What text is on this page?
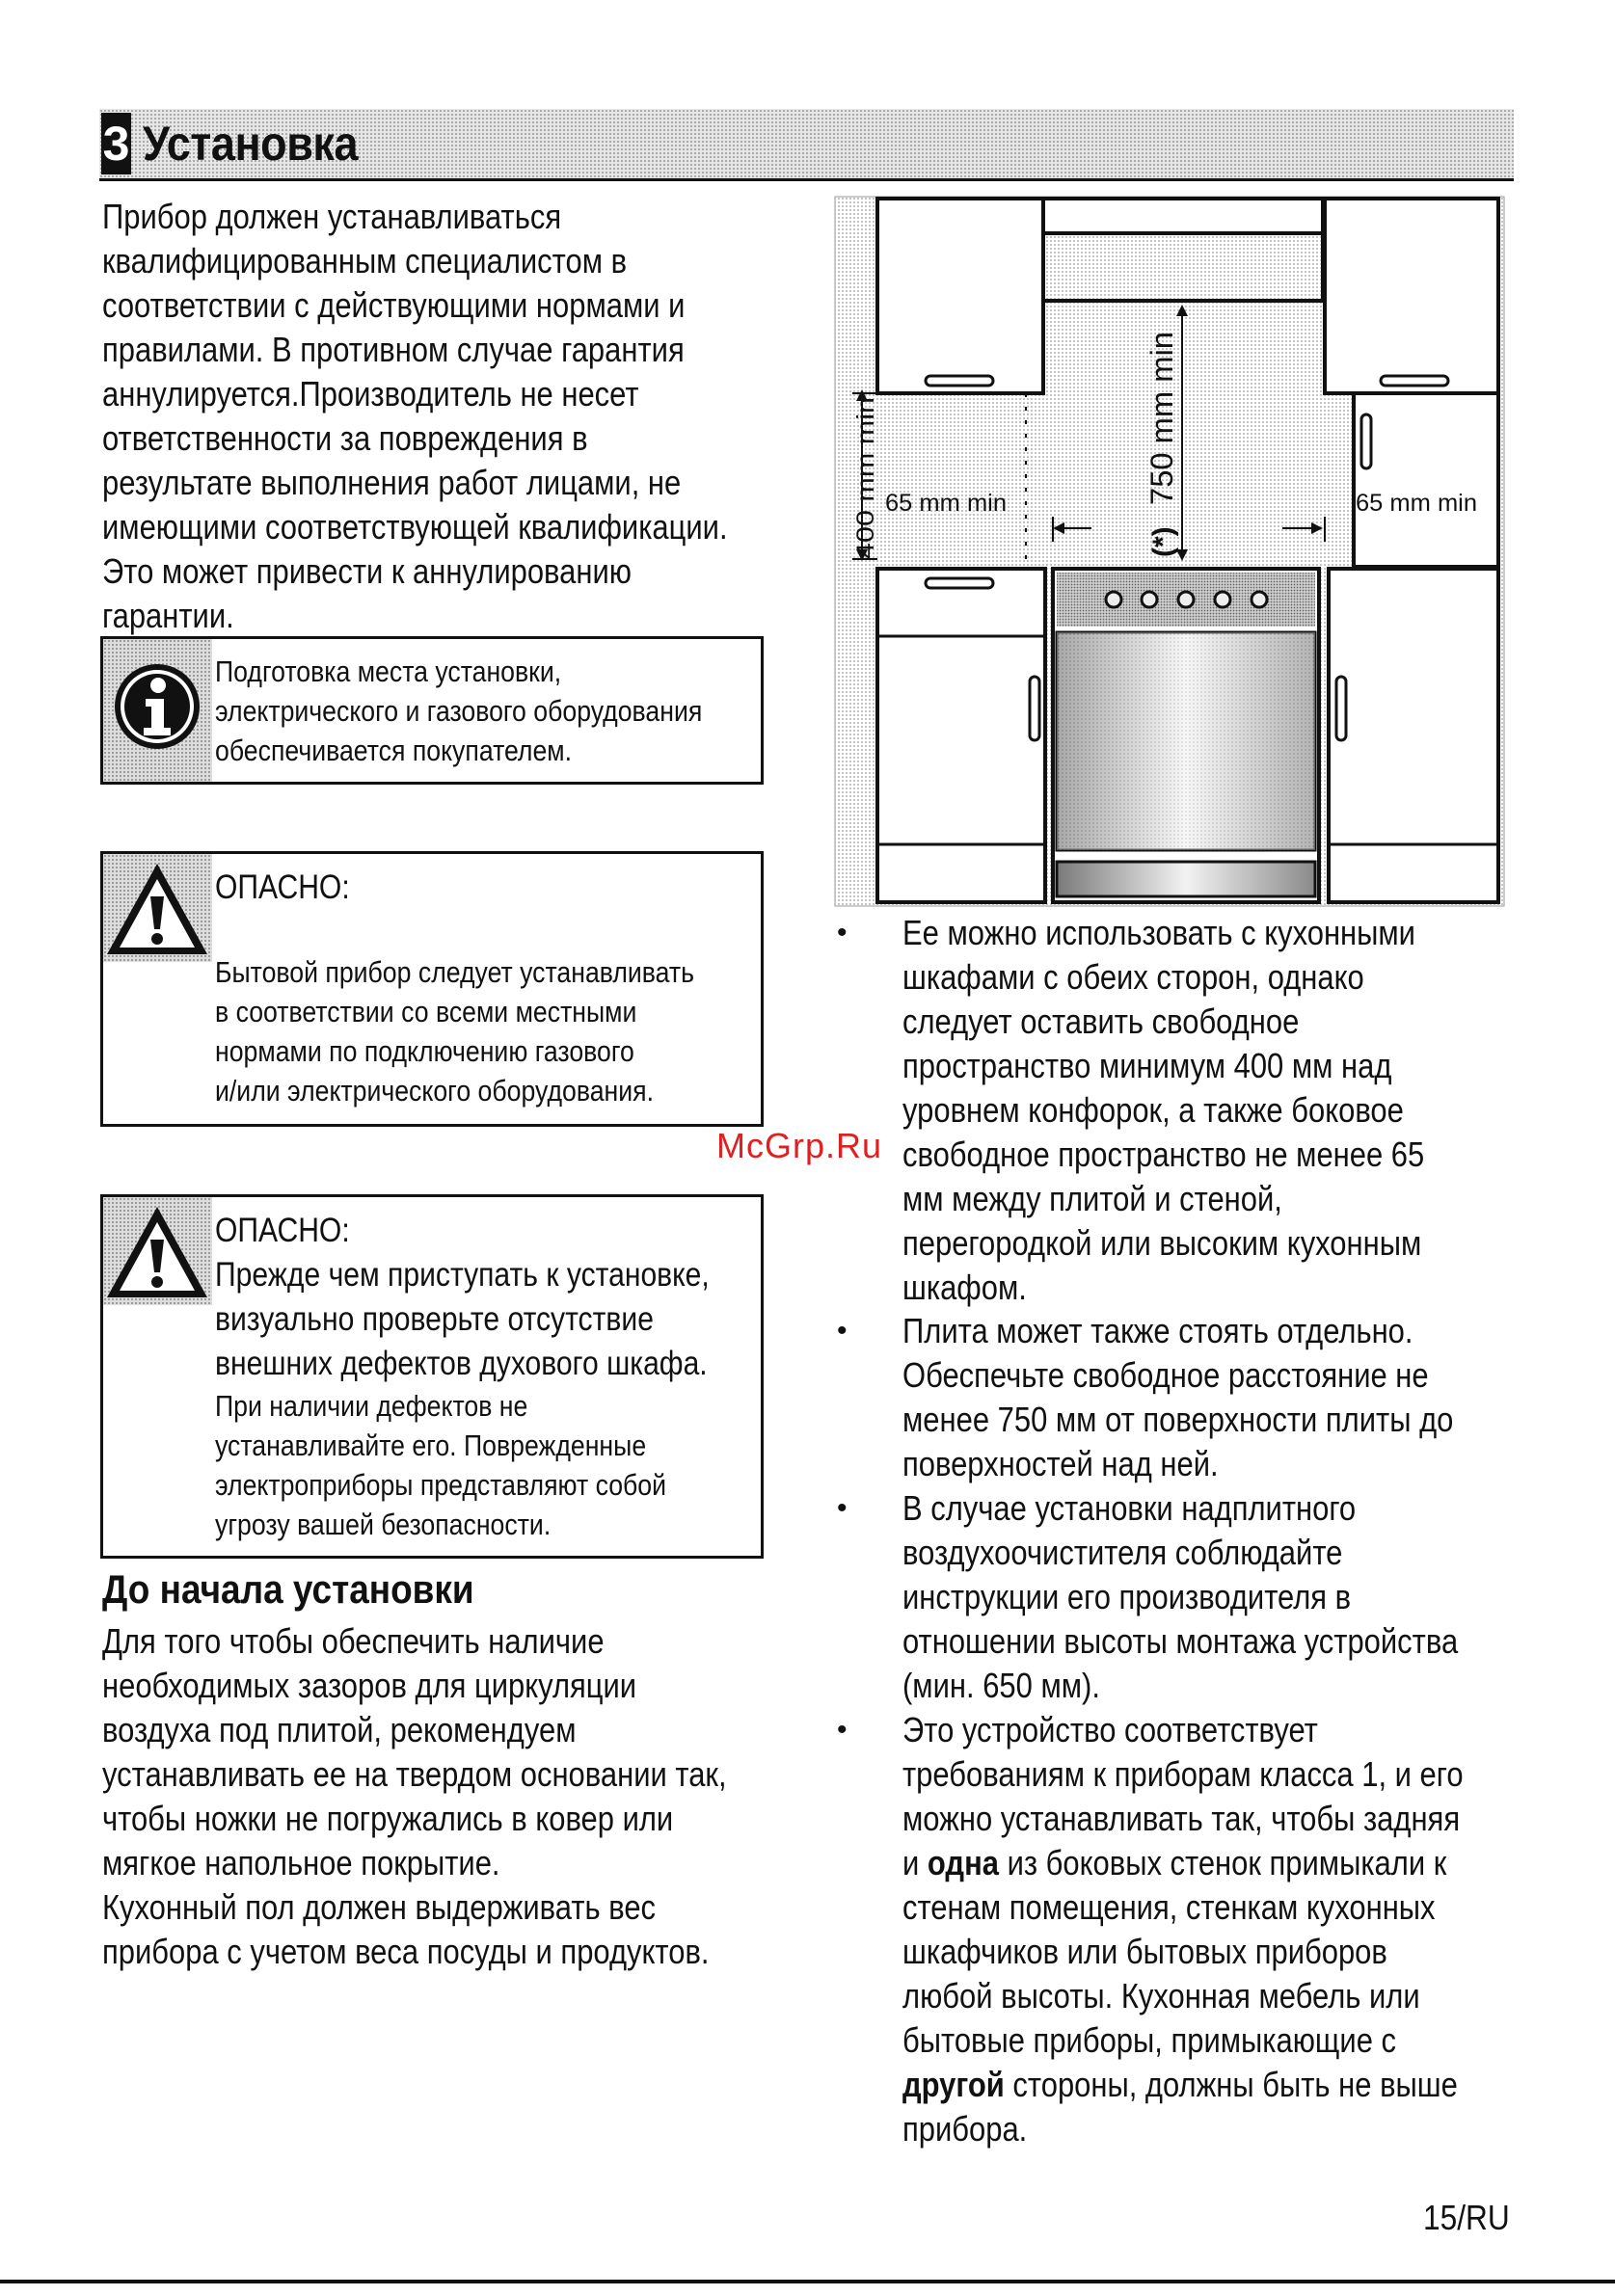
3 Установка
Прибор должен устанавливаться
квалифицированным специалистом в
соответствии с действующими нормами и
правилами. В противном случае гарантия
аннулируется.Производитель не несет
ответственности за повреждения в
результате выполнения работ лицами, не
имеющими соответствующей квалификации.
Это может привести к аннулированию
гарантии.
Подготовка места установки,
электрического и газового оборудования
обеспечивается покупателем.
ОПАСНО:
Бытовой прибор следует устанавливать
в соответствии со всеми местными
нормами по подключению газового
и/или электрического оборудования.
ОПАСНО:
Прежде чем приступать к установке,
визуально проверьте отсутствие
внешних дефектов духового шкафа.
При наличии дефектов не
устанавливайте его. Поврежденные
электроприборы представляют собой
угрозу вашей безопасности.
До начала установки
Для того чтобы обеспечить наличие
необходимых зазоров для циркуляции
воздуха под плитой, рекомендуем
устанавливать ее на твердом основании так,
чтобы ножки не погружались в ковер или
мягкое напольное покрытие.
Кухонный пол должен выдерживать вес
прибора с учетом веса посуды и продуктов.
400 mm min 65 mm min	750 mm min
(*)
65 mm min
McGrp.Ru
• Ее можно использовать с кухонными
шкафами с обеих сторон, однако
следует оставить свободное
пространство минимум 400 мм над
уровнем конфорок, а также боковое
свободное пространство не менее 65
мм между плитой и стеной,
перегородкой или высоким кухонным
шкафом.
• Плита может также стоять отдельно.
Обеспечьте свободное расстояние не
менее 750 мм от поверхности плиты до
поверхностей над ней.
• В случае установки надплитного
воздухоочистителя соблюдайте
инструкции его производителя в
отношении высоты монтажа устройства
(мин. 650 мм).
• Это устройство соответствует
требованиям к приборам класса 1, и его
можно устанавливать так, чтобы задняя
и одна из боковых стенок примыкали к
стенам помещения, стенкам кухонных
шкафчиков или бытовых приборов
любой высоты. Кухонная мебель или
бытовые приборы, примыкающие с
другой стороны, должны быть не выше
прибора.
15/RU
